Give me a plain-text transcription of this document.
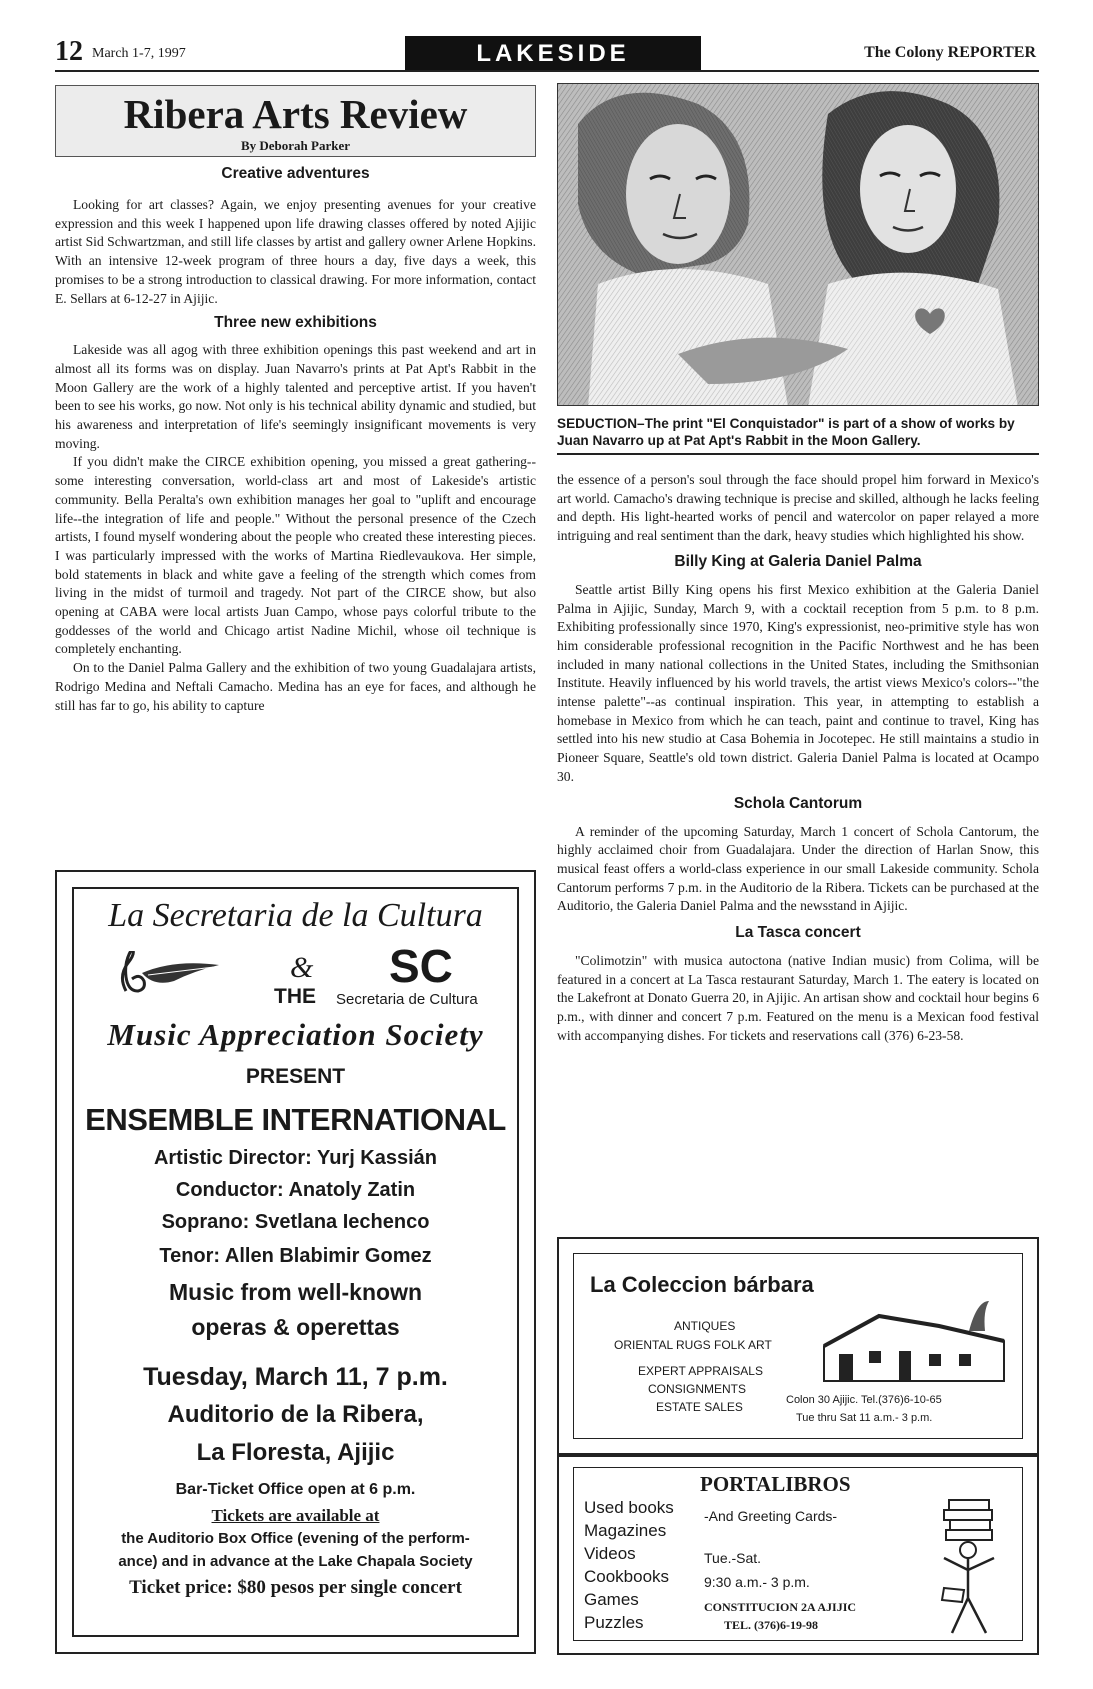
12 March 1-7, 1997	LAKESIDE	The Colony REPORTER
Ribera Arts Review
By Deborah Parker
Creative adventures

Looking for art classes? Again, we enjoy presenting avenues for your creative expression and this week I happened upon life drawing classes offered by noted Ajijic artist Sid Schwartzman, and still life classes by artist and gallery owner Arlene Hopkins. With an intensive 12-week program of three hours a day, five days a week, this promises to be a strong introduction to classical drawing. For more information, contact E. Sellars at 6-12-27 in Ajijic.

Three new exhibitions

Lakeside was all agog with three exhibition openings this past weekend and art in almost all its forms was on display. Juan Navarro's prints at Pat Apt's Rabbit in the Moon Gallery are the work of a highly talented and perceptive artist. If you haven't been to see his works, go now. Not only is his technical ability dynamic and studied, but his awareness and interpretation of life's seemingly insignificant movements is very moving.

If you didn't make the CIRCE exhibition opening, you missed a great gathering--some interesting conversation, world-class art and most of Lakeside's artistic community. Bella Peralta's own exhibition manages her goal to "uplift and encourage life--the integration of life and people." Without the personal presence of the Czech artists, I found myself wondering about the people who created these interesting pieces. I was particularly impressed with the works of Martina Riedlevaukova. Her simple, bold statements in black and white gave a feeling of the strength which comes from living in the midst of turmoil and tragedy. Not part of the CIRCE show, but also opening at CABA were local artists Juan Campo, whose pays colorful tribute to the goddesses of the world and Chicago artist Nadine Michil, whose oil technique is completely enchanting.

On to the Daniel Palma Gallery and the exhibition of two young Guadalajara artists, Rodrigo Medina and Neftali Camacho. Medina has an eye for faces, and although he still has far to go, his ability to capture

SEDUCTION–The print "El Conquistador" is part of a show of works by Juan Navarro up at Pat Apt's Rabbit in the Moon Gallery.

the essence of a person's soul through the face should propel him forward in Mexico's art world. Camacho's drawing technique is precise and skilled, although he lacks feeling and depth. His light-hearted works of pencil and watercolor on paper relayed a more intriguing and real sentiment than the dark, heavy studies which highlighted his show.

Billy King at Galeria Daniel Palma

Seattle artist Billy King opens his first Mexico exhibition at the Galeria Daniel Palma in Ajijic, Sunday, March 9, with a cocktail reception from 5 p.m. to 8 p.m. Exhibiting professionally since 1970, King's expressionist, neo-primitive style has won him considerable professional recognition in the Pacific Northwest and he has been included in many national collections in the United States, including the Smithsonian Institute. Heavily influenced by his world travels, the artist views Mexico's colors--"the intense palette"--as continual inspiration. This year, in attempting to establish a homebase in Mexico from which he can teach, paint and continue to travel, King has settled into his new studio at Casa Bohemia in Jocotepec. He still maintains a studio in Pioneer Square, Seattle's old town district. Galeria Daniel Palma is located at Ocampo 30.

Schola Cantorum

A reminder of the upcoming Saturday, March 1 concert of Schola Cantorum, the highly acclaimed choir from Guadalajara. Under the direction of Harlan Snow, this musical feast offers a world-class experience in our small Lakeside community. Schola Cantorum performs 7 p.m. in the Auditorio de la Ribera. Tickets can be purchased at the Auditorio, the Galeria Daniel Palma and the newsstand in Ajijic.

La Tasca concert

"Colimotzin" with musica autoctona (native Indian music) from Colima, will be featured in a concert at La Tasca restaurant Saturday, March 1. The eatery is located on the Lakefront at Donato Guerra 20, in Ajijic. An artisan show and cocktail hour begins 6 p.m., with dinner and concert 7 p.m. Featured on the menu is a Mexican food festival with accompanying dishes. For tickets and reservations call (376) 6-23-58.

La Secretaria de la Cultura
&
THE
SC
Secretaria de Cultura
Music Appreciation Society
PRESENT
ENSEMBLE INTERNATIONAL
Artistic Director: Yurj Kassián
Conductor: Anatoly Zatin
Soprano: Svetlana Iechenco
Tenor: Allen Blabimir Gomez
Music from well-known
operas & operettas
Tuesday, March 11, 7 p.m.
Auditorio de la Ribera,
La Floresta, Ajijic
Bar-Ticket Office open at 6 p.m.
Tickets are available at
the Auditorio Box Office (evening of the perform-
ance) and in advance at the Lake Chapala Society
Ticket price: $80 pesos per single concert
La Coleccion bárbara
ANTIQUES
ORIENTAL RUGS FOLK ART
EXPERT APPRAISALS
CONSIGNMENTS
ESTATE SALES	Colon 30 Ajijic. Tel.(376)6-10-65
Tue thru Sat 11 a.m.- 3 p.m.
PORTALIBROS
Used books
Magazines
Videos
Cookbooks
Games
Puzzles
-And Greeting Cards-
Tue.-Sat.
9:30 a.m.- 3 p.m.
CONSTITUCION 2A AJIJIC
TEL. (376)6-19-98
